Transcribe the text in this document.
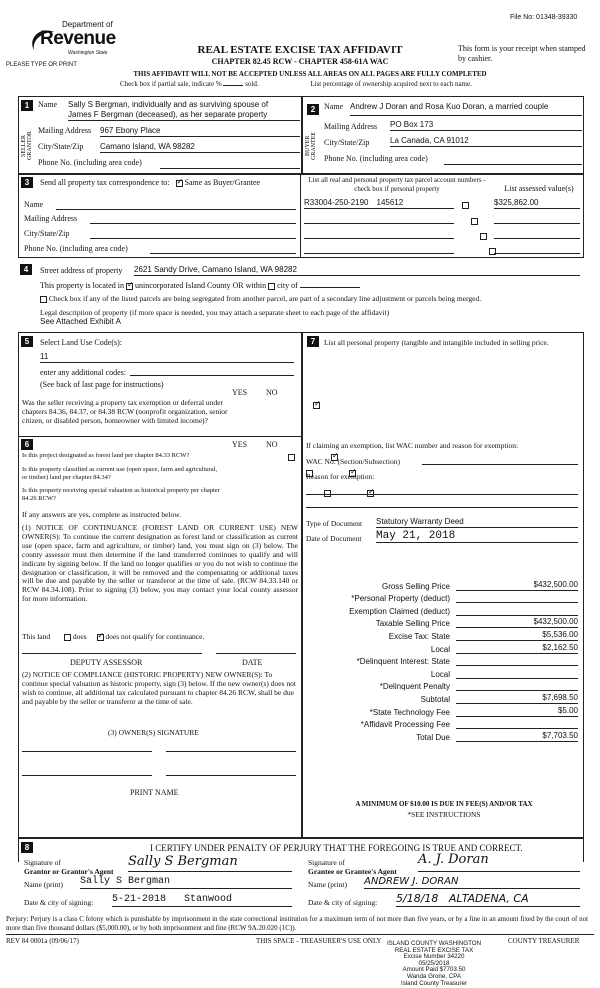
File No: 01348-39330
Department of
Revenue
Washington State
PLEASE TYPE OR PRINT
REAL ESTATE EXCISE TAX AFFIDAVIT
CHAPTER 82.45 RCW - CHAPTER 458-61A WAC
This form is your receipt when stamped by cashier.
THIS AFFIDAVIT WILL NOT BE ACCEPTED UNLESS ALL AREAS ON ALL PAGES ARE FULLY COMPLETED
Check box if partial sale, indicate %	sold.	List percentage of ownership acquired next to each name.
1
SELLER GRANTOR
Name Sally S Bergman, individually and as surviving spouse of
James F Bergman (deceased), as her separate property
Mailing Address 967 Ebony Place
City/State/Zip Camano Island, WA 98282
Phone No. (including area code)
2
BUYER GRANTEE
Name Andrew J Doran and Rosa Kuo Doran, a married couple
Mailing Address PO Box 173
City/State/Zip	La Canada, CA 91012
Phone No. (including area code)
3	Send all property tax correspondence to: ✓ Same as Buyer/Grantee
Name
Mailing Address
City/State/Zip
Phone No. (including area code)
List all real and personal property tax parcel account numbers - check box if personal property	List assessed value(s)
R33004-250-2190 145612
	$325,862.00

4	Street address of property 2621 Sandy Drive, Camano Island, WA 98282
This property is located in ✓ unincorporated Island County OR within city of
Check box if any of the listed parcels are being segregated from another parcel, are part of a secondary line adjustment or parcels being merged.
Legal description of property (if more space is needed, you may attach a separate sheet to each page of the affidavit)
See Attached Exhibit A
5	Select Land Use Code(s):
11
enter any additional codes:
(See back of last page for instructions)
YES NO
Was the seller receiving a property tax exemption or deferral under chapters 84.36, 84.37, or 84.38 RCW (nonprofit organization, senior citizen, or disabled person, homeowner with limited income)?
✓
6	YES NO
Is this project designated as forest land per chapter 84.33 RCW?
✓
Is this property classified as current use (open space, farm and agricultural, or timber) land per chapter 84.34?
✓
Is this property receiving special valuation as historical property per chapter 84.26 RCW?
✓
If any answers are yes, complete as instructed below.
(1) NOTICE OF CONTINUANCE (FOREST LAND OR CURRENT USE) NEW OWNER(S): To continue the current designation as forest land or classification as current use (open space, farm and agriculture, or timber) land, you must sign on (3) below. The county assessor must then determine if the land transferred continues to qualify and will indicate by signing below. If the land no longer qualifies or you do not wish to continue the designation or classification, it will be removed and the compensating or additional taxes will be due and payable by the seller or transferor at the time of sale. (RCW 84.33.140 or RCW 84.34.108). Prior to signing (3) below, you may contact your local county assessor for more information.
This land	does ✓	does not qualify for continuance.
DEPUTY ASSESSOR	DATE
(2) NOTICE OF COMPLIANCE (HISTORIC PROPERTY) NEW OWNER(S): To continue special valuation as historic property, sign (3) below. If the new owner(s) does not wish to continue, all additional tax calculated pursuant to chapter 84.26 RCW, shall be due and payable by the seller or transferor at the time of sale.
(3) OWNER(S) SIGNATURE
PRINT NAME
7	List all personal property (tangible and intangible included in selling price.
If claiming an exemption, list WAC number and reason for exemption:
WAC No. (Section/Subsection)
Reason for exemption:
Type of Document Statutory Warranty Deed
Date of Document May 21, 2018
Gross Selling Price	$432,500.00
*Personal Property (deduct)
Exemption Claimed (deduct)
Taxable Selling Price	$432,500.00
Excise Tax: State	$5,536.00
Local	$2,162.50
*Delinquent Interest: State
Local
*Delinquent Penalty
Subtotal	$7,698.50
*State Technology Fee	$5.00
*Affidavit Processing Fee
Total Due	$7,703.50
A MINIMUM OF $10.00 IS DUE IN FEE(S) AND/OR TAX
*SEE INSTRUCTIONS
8	I CERTIFY UNDER PENALTY OF PERJURY THAT THE FOREGOING IS TRUE AND CORRECT.
Signature of
Grantor or Grantor's Agent
Sally S Bergman
Name (print) Sally S Bergman
Date & city of signing: 5-21-2018   Stanwood
Signature of
Grantee or Grantee's Agent
A. J. Doran
Name (print) ANDREW J. DORAN
Date & city of signing: 5/18/18   ALTADENA, CA
Perjury: Perjury is a class C felony which is punishable by imprisonment in the state correctional institution for a maximum term of not more than five years, or by a fine in an amount fixed by the court of not more than five thousand dollars ($5,000.00), or by both imprisonment and fine (RCW 9A.20.020 (1C)).
REV 84 0001a (09/06/17)	THIS SPACE - TREASURER'S USE ONLY	COUNTY TREASURER
ISLAND COUNTY WASHINGTON
REAL ESTATE EXCISE TAX
Excise Number 34220
05/25/2018
Amount Paid $7703.50
Wanda Grone, CPA
Island County Treasurer
